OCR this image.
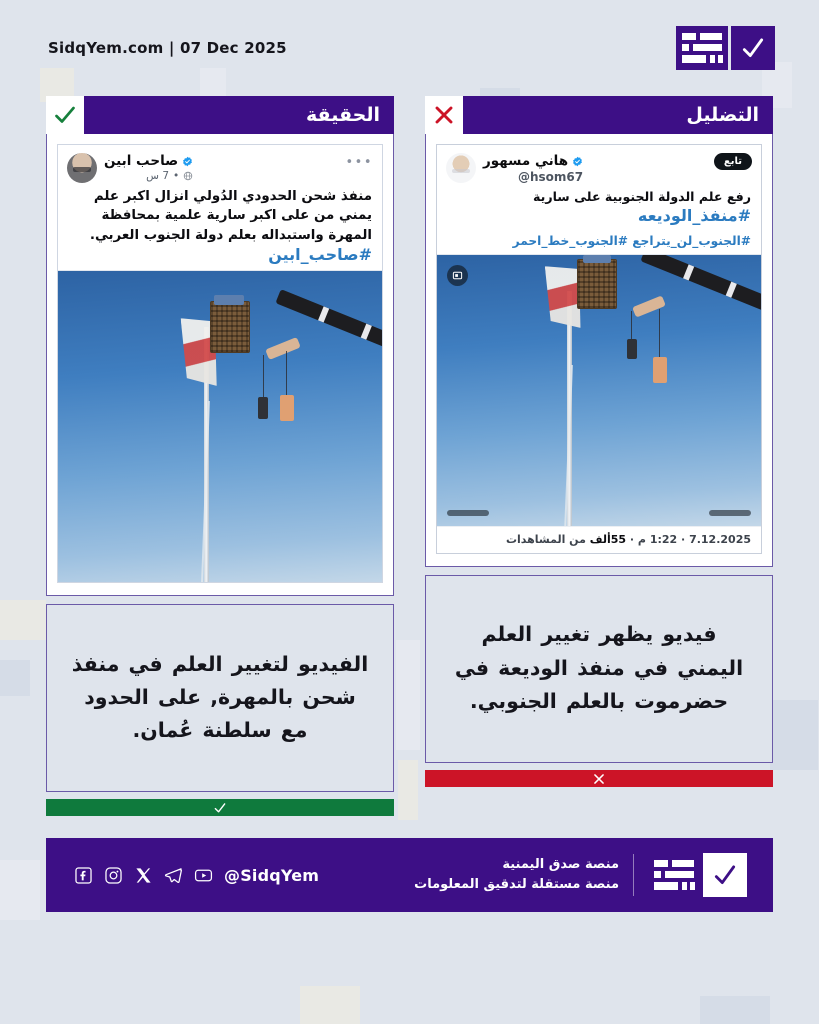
SidqYem.com | 07 Dec 2025
الحقيقة
•••
صاحب ابين
•
7 س
منفذ شحن الحدودي الدُولي انزال اكبر علم يمني من على اكبر سارية علمية بمحافظة المهرة واستبداله بعلم دولة الجنوب العربي.
#صاحب_ابين
الفيديو لتغيير العلم في منفذ شحن بالمهرة, على الحدود مع سلطنة عُمان.
التضليل
تابع
هاني مسهور
@hsom67
رفع علم الدولة الجنوبية على سارية
#منفذ_الوديعه
#الجنوب_لن_يتراجع #الجنوب_خط_احمر
7.12.2025 · 1:22 م · 55ألف من المشاهدات
فيديو يظهر تغيير العلم اليمني في منفذ الوديعة في حضرموت بالعلم الجنوبي.
@SidqYem
منصة صدق اليمنية
منصة مستقلة لتدقيق المعلومات
